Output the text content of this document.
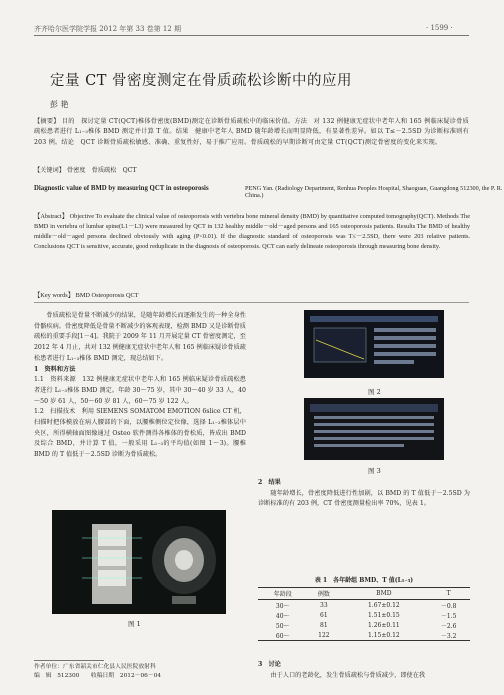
齐齐哈尔医学院学报 2012 年第 33 卷第 12 期	· 1599 ·
定量 CT 骨密度测定在骨质疏松诊断中的应用
彭 艳
【摘要】 目的　探讨定量 CT(QCT)椎体骨密度(BMD)测定在诊断骨质疏松中的临床价值。方法　对 132 例健康无症状中老年人和 165 例临床疑诊骨质疏松患者进行 L₁₋₃椎体 BMD 测定并计算 T 值。结果　健康中老年人 BMD 随年龄增长而明显降低，有显著性差异。如以 T≤－2.5SD 为诊断标准则有 203 例。结论　QCT 诊断骨质疏松敏感、准确、重复性好，易于推广应用。骨质疏松的早期诊断可由定量 CT(QCT)测定骨密度的变化来实现。
【关键词】 骨密度　骨质疏松　QCT
Diagnostic value of BMD by measuring QCT in osteoporosis	PENG Yan. (Radiology Department, Renhua Peoples Hospital, Shaoguan, Guangdong 512300, the P. R. China.)
【Abstract】 Objective To evaluate the clinical value of osteoporosis with vertebra bone mineral density (BMD) by quantitative computed tomography(QCT). Methods The BMD in vertebra of lumbar spine(L1－L3) were measured by QCT in 132 healthy middle－old－aged persons and 165 osteoporosis patients. Results The BMD of healthy middle－old－aged persons declined obviously with aging (P<0.01). If the diagnostic standard of osteoporosis was T≤－2.5SD, there were 203 relative patients. Conclusions QCT is sensitive, accurate, good reduplicate in the diagnosis of osteoporosis. QCT can early delineate osteoporosis through measuring bone density.
【Key words】 BMD Osteoporosis QCT
骨质疏松是骨量不断减少的结果，是随年龄增长而逐渐发生的一种全身性骨骼疾病。骨密度降低是骨量不断减少的客观表现，检测 BMD 又是诊断骨质疏松的重要手段[1－4]。我院于 2009 年 11 月开展定量 CT 骨密度测定，至 2012 年 4 月止，共对 132 例健康无症状中老年人和 165 例临床疑诊骨质疏松患者进行 L₁₋₃椎体 BMD 测定，现总结如下。
1　资料和方法
1.1　资料来源　132 例健康无症状中老年人和 165 例临床疑诊骨质疏松患者进行 L₁₋₃椎体 BMD 测定。年龄 30～75 岁，其中 30～40 岁 33 人，40～50 岁 61 人，50～60 岁 81 人，60～75 岁 122 人。
1.2　扫描技术　利用 SIEMENS SOMATOM EMOTION 6slice CT 机，扫描时把体模放在病人腰部的下面，以腰椎侧位定位像，选择 L₁₋₃椎体层中央区，所得横轴面图像通过 Osteo 软件测得各椎体的骨松质，皆成出 BMD 及综合 BMD，并计算 T 值，一般采用 L₁₋₃的平均值(如图 1～3)。腰椎 BMD 的 T 值低于－2.5SD 诊断为骨质疏松。
图 1
图 2
图 3
2　结果
随年龄增长，骨密度降低进行性加剧，以 BMD 的 T 值低于－2.5SD 为诊断标准的有 203 例，CT 骨密度测量检出率 70%，见表 1。
表 1　各年龄组 BMD、T 值(L₁₋₃)
年龄段	例数	BMD	T
30～	33	1.67±0.12	－0.8
40～	61	1.51±0.15	－1.5
50～	81	1.26±0.11	－2.6
60～	122	1.15±0.12	－3.2
3　讨论
由于人口的老龄化，发生骨质疏松与骨质减少，即使在我
作者单位：广东省韶关市仁化县人民医院放射科
编　辑　512300　　收稿日期　2012－06－04
